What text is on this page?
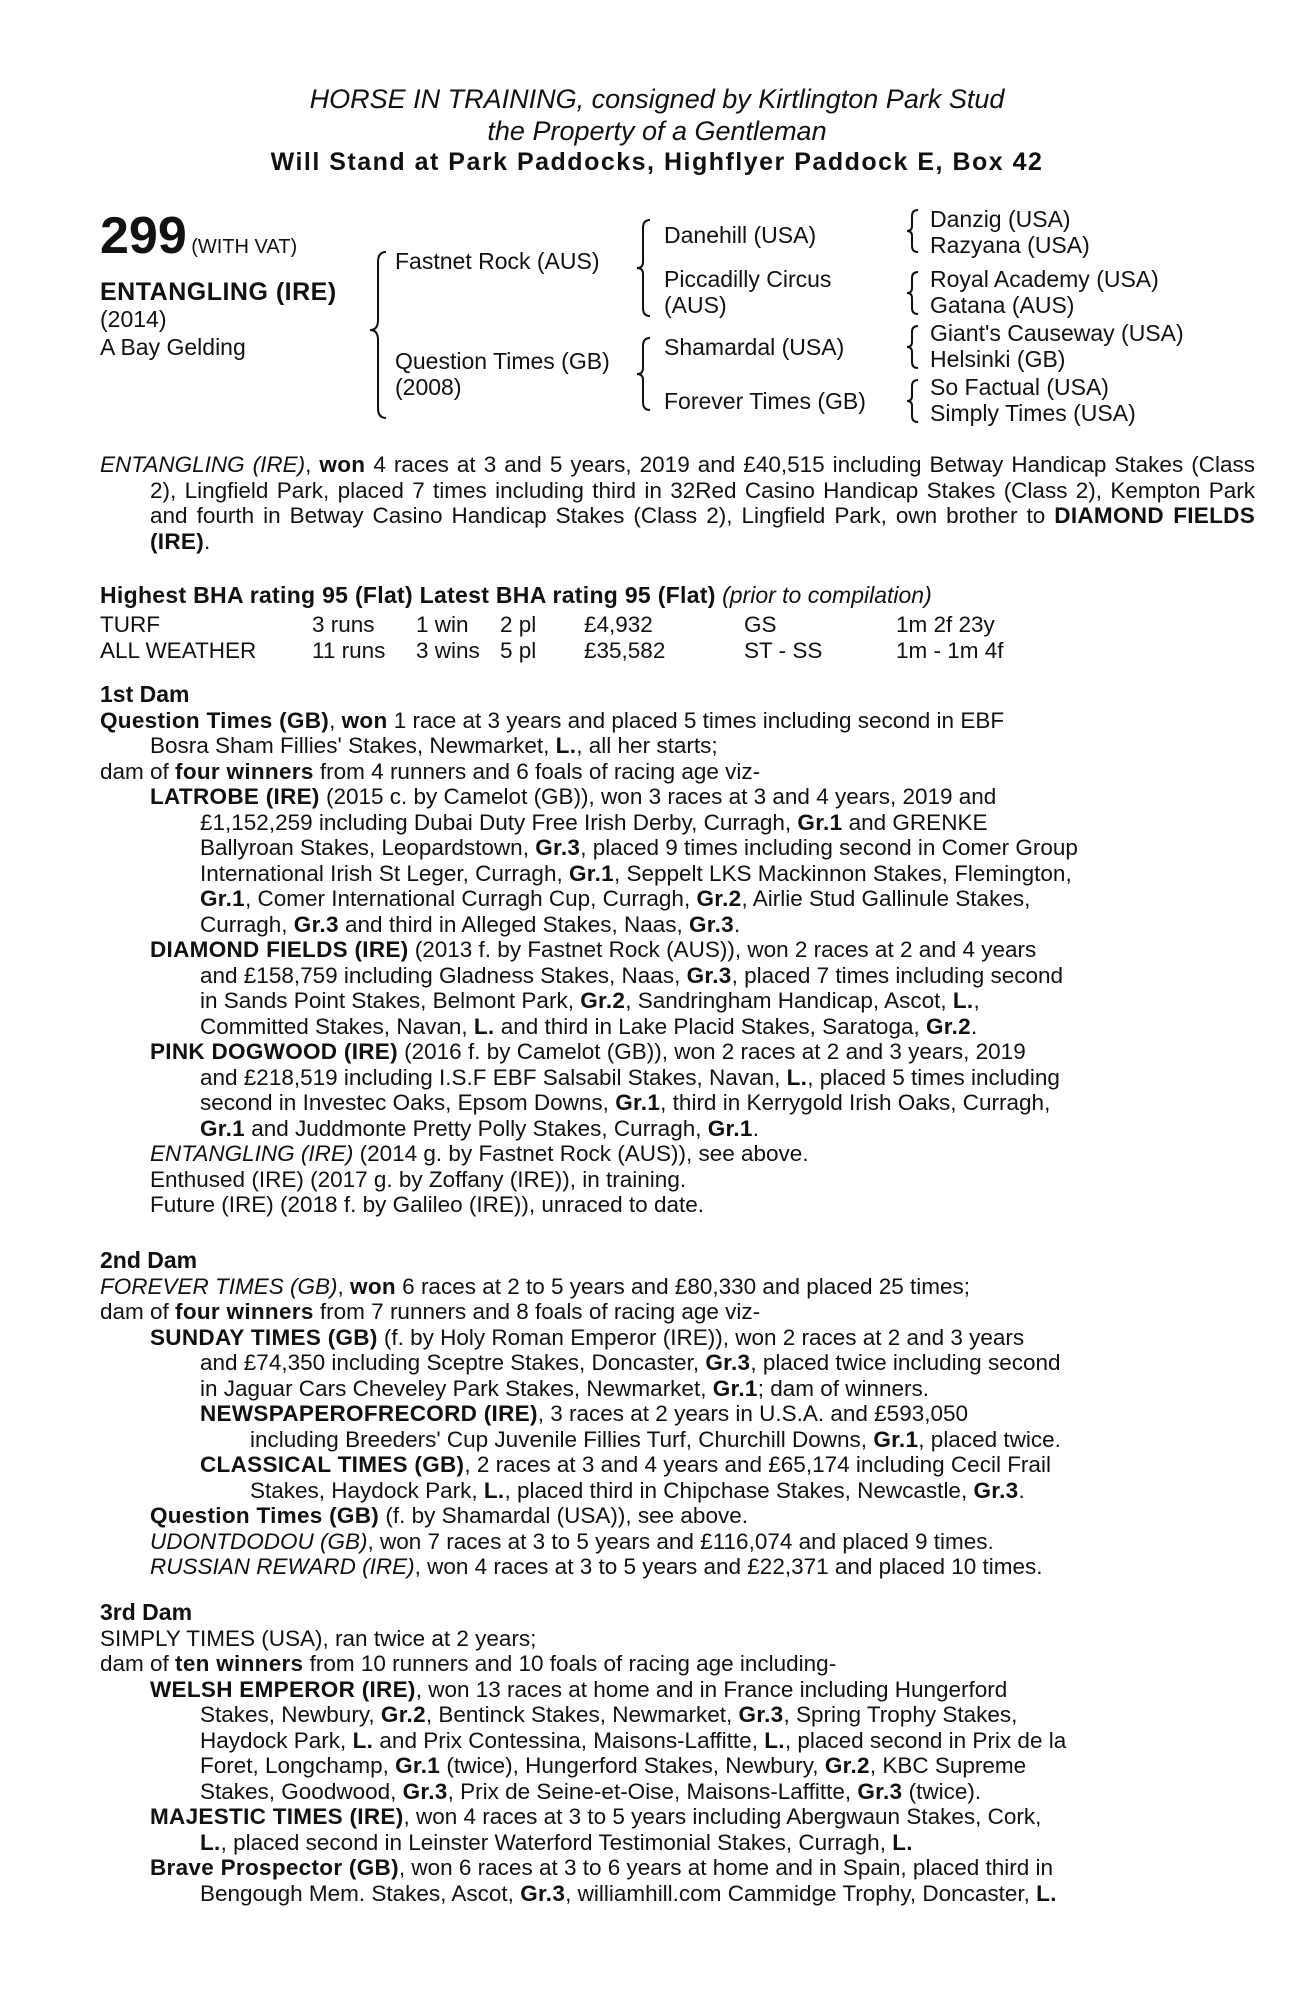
HORSE IN TRAINING, consigned by Kirtlington Park Stud
the Property of a Gentleman
Will Stand at Park Paddocks, Highflyer Paddock E, Box 42
299 (WITH VAT)
ENTANGLING (IRE)
(2014)
A Bay Gelding
Fastnet Rock (AUS)
Question Times (GB)
(2008)
Danehill (USA)
Piccadilly Circus
(AUS)
Shamardal (USA)
Forever Times (GB)
Danzig (USA)
Razyana (USA)
Royal Academy (USA)
Gatana (AUS)
Giant's Causeway (USA)
Helsinki (GB)
So Factual (USA)
Simply Times (USA)
ENTANGLING (IRE), won 4 races at 3 and 5 years, 2019 and £40,515 including Betway Handicap Stakes (Class 2), Lingfield Park, placed 7 times including third in 32Red Casino Handicap Stakes (Class 2), Kempton Park and fourth in Betway Casino Handicap Stakes (Class 2), Lingfield Park, own brother to DIAMOND FIELDS (IRE).
Highest BHA rating 95 (Flat) Latest BHA rating 95 (Flat) (prior to compilation)
TURF	3 runs	1 win	2 pl	£4,932	GS	1m 2f 23y
ALL WEATHER	11 runs	3 wins	5 pl	£35,582	ST - SS	1m - 1m 4f
1st Dam
Question Times (GB), won 1 race at 3 years and placed 5 times including second in EBF
Bosra Sham Fillies' Stakes, Newmarket, L., all her starts;
dam of four winners from 4 runners and 6 foals of racing age viz-
LATROBE (IRE) (2015 c. by Camelot (GB)), won 3 races at 3 and 4 years, 2019 and
£1,152,259 including Dubai Duty Free Irish Derby, Curragh, Gr.1 and GRENKE
Ballyroan Stakes, Leopardstown, Gr.3, placed 9 times including second in Comer Group
International Irish St Leger, Curragh, Gr.1, Seppelt LKS Mackinnon Stakes, Flemington,
Gr.1, Comer International Curragh Cup, Curragh, Gr.2, Airlie Stud Gallinule Stakes,
Curragh, Gr.3 and third in Alleged Stakes, Naas, Gr.3.
DIAMOND FIELDS (IRE) (2013 f. by Fastnet Rock (AUS)), won 2 races at 2 and 4 years
and £158,759 including Gladness Stakes, Naas, Gr.3, placed 7 times including second
in Sands Point Stakes, Belmont Park, Gr.2, Sandringham Handicap, Ascot, L.,
Committed Stakes, Navan, L. and third in Lake Placid Stakes, Saratoga, Gr.2.
PINK DOGWOOD (IRE) (2016 f. by Camelot (GB)), won 2 races at 2 and 3 years, 2019
and £218,519 including I.S.F EBF Salsabil Stakes, Navan, L., placed 5 times including
second in Investec Oaks, Epsom Downs, Gr.1, third in Kerrygold Irish Oaks, Curragh,
Gr.1 and Juddmonte Pretty Polly Stakes, Curragh, Gr.1.
ENTANGLING (IRE) (2014 g. by Fastnet Rock (AUS)), see above.
Enthused (IRE) (2017 g. by Zoffany (IRE)), in training.
Future (IRE) (2018 f. by Galileo (IRE)), unraced to date.
2nd Dam
FOREVER TIMES (GB), won 6 races at 2 to 5 years and £80,330 and placed 25 times;
dam of four winners from 7 runners and 8 foals of racing age viz-
SUNDAY TIMES (GB) (f. by Holy Roman Emperor (IRE)), won 2 races at 2 and 3 years
and £74,350 including Sceptre Stakes, Doncaster, Gr.3, placed twice including second
in Jaguar Cars Cheveley Park Stakes, Newmarket, Gr.1; dam of winners.
NEWSPAPEROFRECORD (IRE), 3 races at 2 years in U.S.A. and £593,050
including Breeders' Cup Juvenile Fillies Turf, Churchill Downs, Gr.1, placed twice.
CLASSICAL TIMES (GB), 2 races at 3 and 4 years and £65,174 including Cecil Frail
Stakes, Haydock Park, L., placed third in Chipchase Stakes, Newcastle, Gr.3.
Question Times (GB) (f. by Shamardal (USA)), see above.
UDONTDODOU (GB), won 7 races at 3 to 5 years and £116,074 and placed 9 times.
RUSSIAN REWARD (IRE), won 4 races at 3 to 5 years and £22,371 and placed 10 times.
3rd Dam
SIMPLY TIMES (USA), ran twice at 2 years;
dam of ten winners from 10 runners and 10 foals of racing age including-
WELSH EMPEROR (IRE), won 13 races at home and in France including Hungerford
Stakes, Newbury, Gr.2, Bentinck Stakes, Newmarket, Gr.3, Spring Trophy Stakes,
Haydock Park, L. and Prix Contessina, Maisons-Laffitte, L., placed second in Prix de la
Foret, Longchamp, Gr.1 (twice), Hungerford Stakes, Newbury, Gr.2, KBC Supreme
Stakes, Goodwood, Gr.3, Prix de Seine-et-Oise, Maisons-Laffitte, Gr.3 (twice).
MAJESTIC TIMES (IRE), won 4 races at 3 to 5 years including Abergwaun Stakes, Cork,
L., placed second in Leinster Waterford Testimonial Stakes, Curragh, L.
Brave Prospector (GB), won 6 races at 3 to 6 years at home and in Spain, placed third in
Bengough Mem. Stakes, Ascot, Gr.3, williamhill.com Cammidge Trophy, Doncaster, L.
